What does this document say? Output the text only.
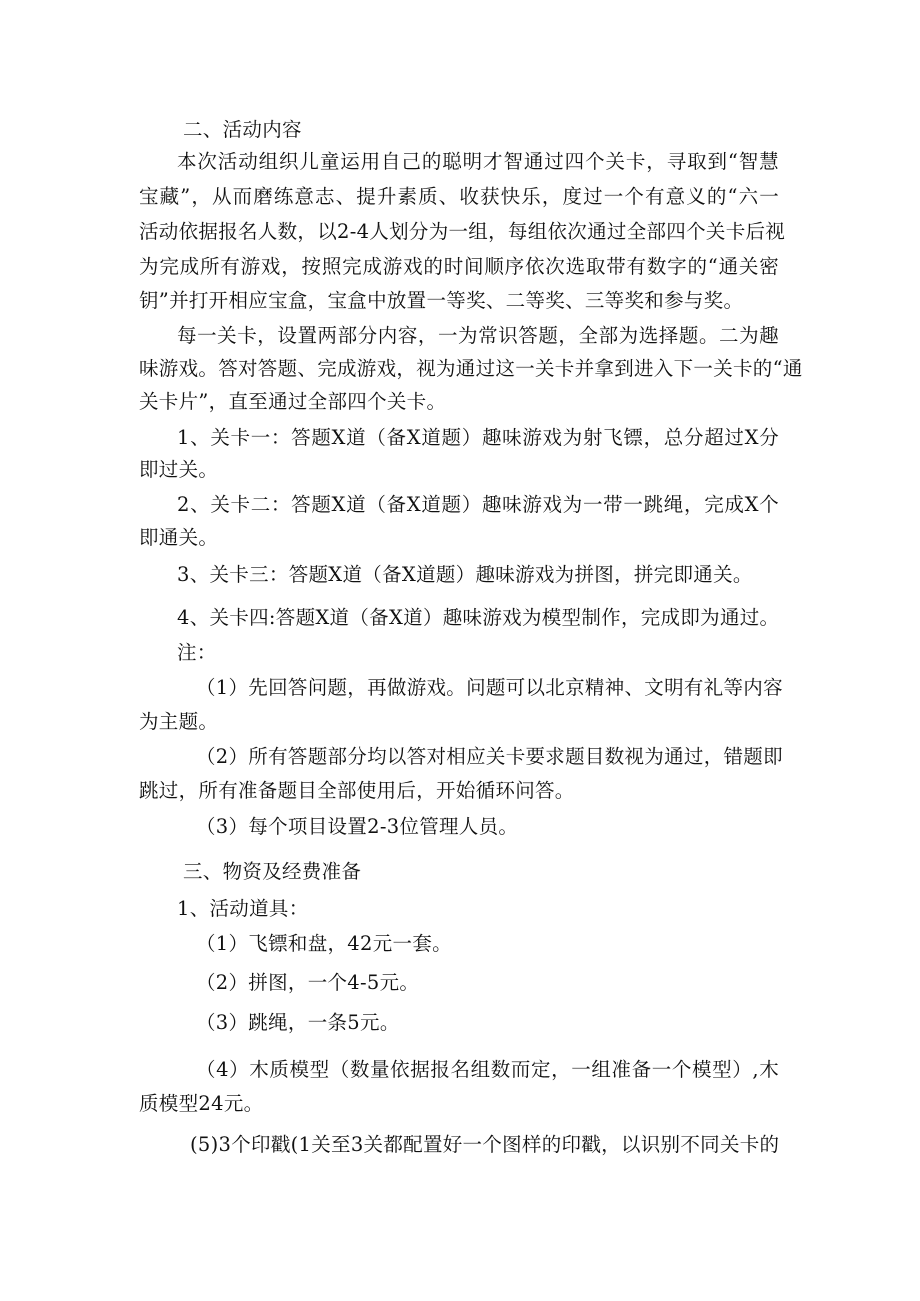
二、活动内容
本次活动组织儿童运用自己的聪明才智通过四个关卡，寻取到“智慧
宝藏”，从而磨练意志、提升素质、收获快乐，度过一个有意义的“六一
活动依据报名人数，以2-4人划分为一组，每组依次通过全部四个关卡后视
为完成所有游戏，按照完成游戏的时间顺序依次选取带有数字的“通关密
钥”并打开相应宝盒，宝盒中放置一等奖、二等奖、三等奖和参与奖。
每一关卡，设置两部分内容，一为常识答题，全部为选择题。二为趣
味游戏。答对答题、完成游戏，视为通过这一关卡并拿到进入下一关卡的“通
关卡片”，直至通过全部四个关卡。
1、关卡一：答题X道（备X道题）趣味游戏为射飞镖，总分超过X分
即过关。
2、关卡二：答题X道（备X道题）趣味游戏为一带一跳绳，完成X个
即通关。
3、关卡三：答题X道（备X道题）趣味游戏为拼图，拼完即通关。
4、关卡四:答题X道（备X道）趣味游戏为模型制作，完成即为通过。
注：
（1）先回答问题，再做游戏。问题可以北京精神、文明有礼等内容
为主题。
（2）所有答题部分均以答对相应关卡要求题目数视为通过，错题即
跳过，所有准备题目全部使用后，开始循环问答。
（3）每个项目设置2-3位管理人员。
三、物资及经费准备
1、活动道具：
（1）飞镖和盘，42元一套。
（2）拼图，一个4-5元。
（3）跳绳，一条5元。
（4）木质模型（数量依据报名组数而定，一组准备一个模型）,木
质模型24元。
(5)3个印戳(1关至3关都配置好一个图样的印戳，以识别不同关卡的
